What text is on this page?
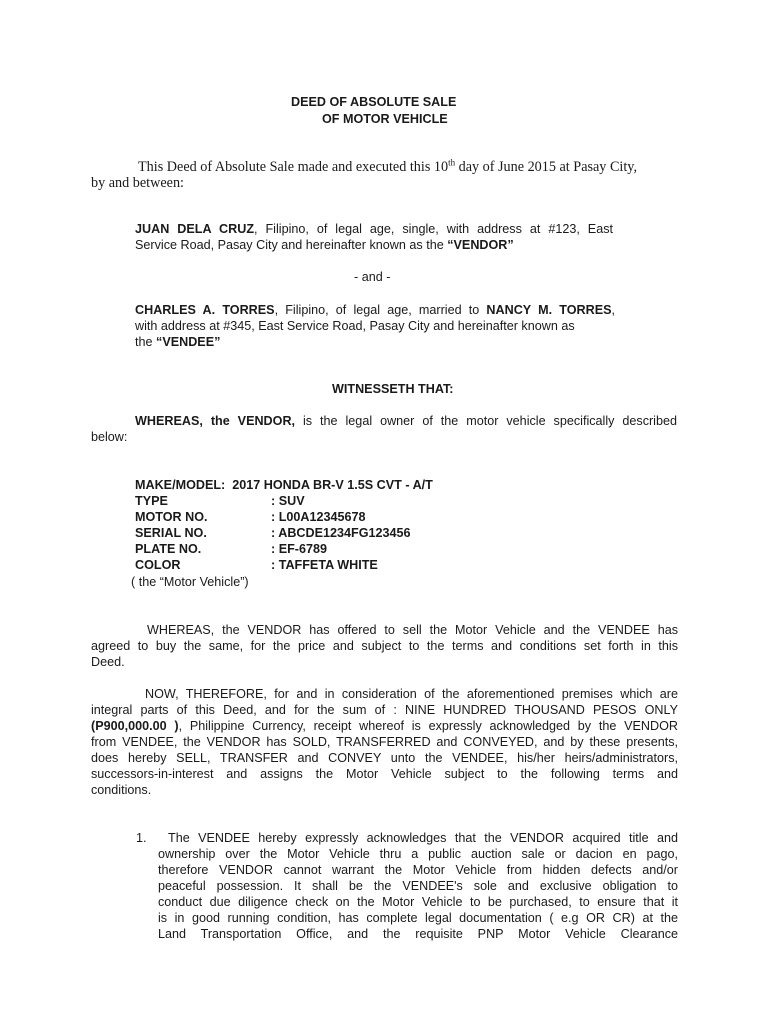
DEED OF ABSOLUTE SALE
OF MOTOR VEHICLE
This Deed of Absolute Sale made and executed this 10th day of June 2015 at Pasay City,
by and between:
JUAN DELA CRUZ, Filipino, of legal age, single, with address at #123, East
Service Road, Pasay City and hereinafter known as the “VENDOR”
- and -
CHARLES A. TORRES, Filipino, of legal age, married to NANCY M. TORRES,
with address at #345, East Service Road, Pasay City and hereinafter known as
the “VENDEE”
WITNESSETH THAT:
WHEREAS, the VENDOR, is the legal owner of the motor vehicle specifically described
below:
MAKE/MODEL: 2017 HONDA BR-V 1.5S CVT - A/T
TYPE	: SUV
MOTOR NO.	: L00A12345678
SERIAL NO.	: ABCDE1234FG123456
PLATE NO.	: EF-6789
COLOR	: TAFFETA WHITE
( the “Motor Vehicle”)
WHEREAS, the VENDOR has offered to sell the Motor Vehicle and the VENDEE has
agreed to buy the same, for the price and subject to the terms and conditions set forth in this
Deed.
NOW, THEREFORE, for and in consideration of the aforementioned premises which are
integral parts of this Deed, and for the sum of : NINE HUNDRED THOUSAND PESOS ONLY
(P900,000.00 ), Philippine Currency, receipt whereof is expressly acknowledged by the VENDOR
from VENDEE, the VENDOR has SOLD, TRANSFERRED and CONVEYED, and by these presents,
does hereby SELL, TRANSFER and CONVEY unto the VENDEE, his/her heirs/administrators,
successors-in-interest and assigns the Motor Vehicle subject to the following terms and
conditions.
1.	The VENDEE hereby expressly acknowledges that the VENDOR acquired title and
ownership over the Motor Vehicle thru a public auction sale or dacion en pago,
therefore VENDOR cannot warrant the Motor Vehicle from hidden defects and/or
peaceful possession. It shall be the VENDEE's sole and exclusive obligation to
conduct due diligence check on the Motor Vehicle to be purchased, to ensure that it
is in good running condition, has complete legal documentation ( e.g OR CR) at the
Land Transportation Office, and the requisite PNP Motor Vehicle Clearance
